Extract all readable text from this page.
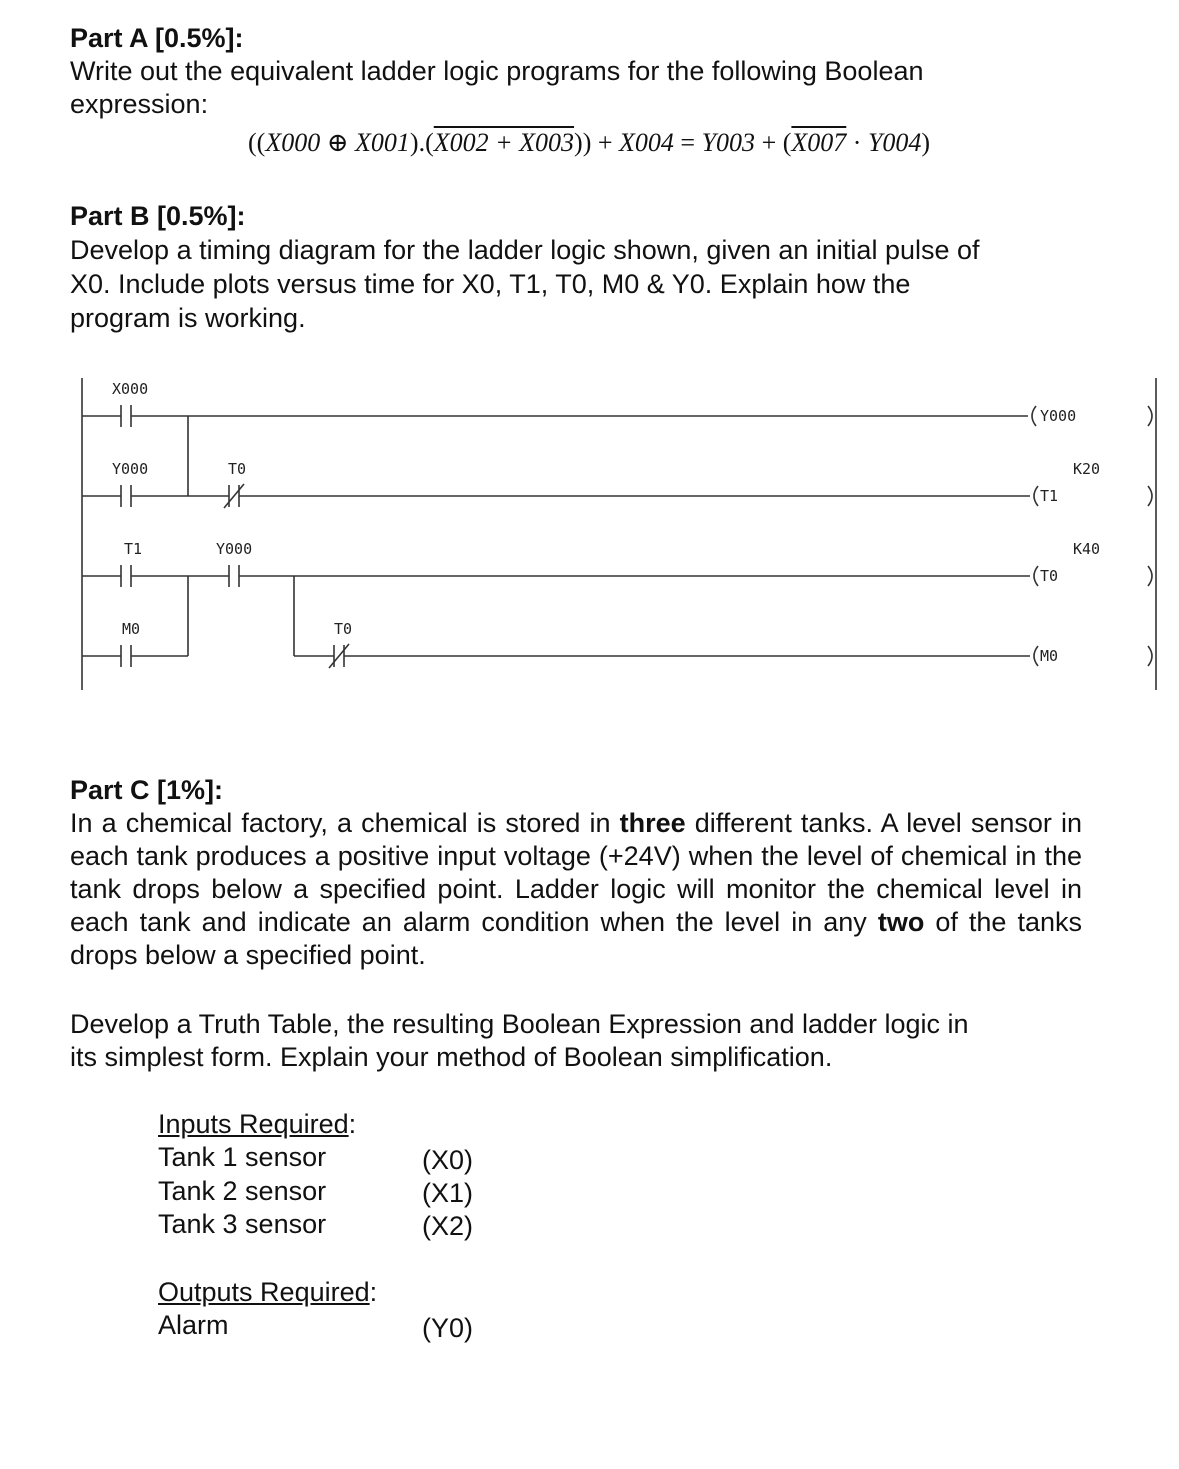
Part A [0.5%]:
Write out the equivalent ladder logic programs for the following Boolean expression:
((X000 ⊕ X001).(X002 + X003)) + X004 = Y003 + (X007 · Y004)
Part B [0.5%]:
Develop a timing diagram for the ladder logic shown, given an initial pulse of
X0. Include plots versus time for X0, T1, T0, M0 & Y0. Explain how the
program is working.
X000
Y000
Y000	T0
T1
K20
T1	Y000
T0
K40
M0	T0
M0
Part C [1%]:
In a chemical factory, a chemical is stored in three different tanks. A level sensor in each tank produces a positive input voltage (+24V) when the level of chemical in the tank drops below a specified point. Ladder logic will monitor the chemical level in each tank and indicate an alarm condition when the level in any two of the tanks drops below a specified point.
Develop a Truth Table, the resulting Boolean Expression and ladder logic in
its simplest form. Explain your method of Boolean simplification.
Inputs Required:
Tank 1 sensor	(X0)
Tank 2 sensor	(X1)
Tank 3 sensor	(X2)
Outputs Required:
Alarm	(Y0)
